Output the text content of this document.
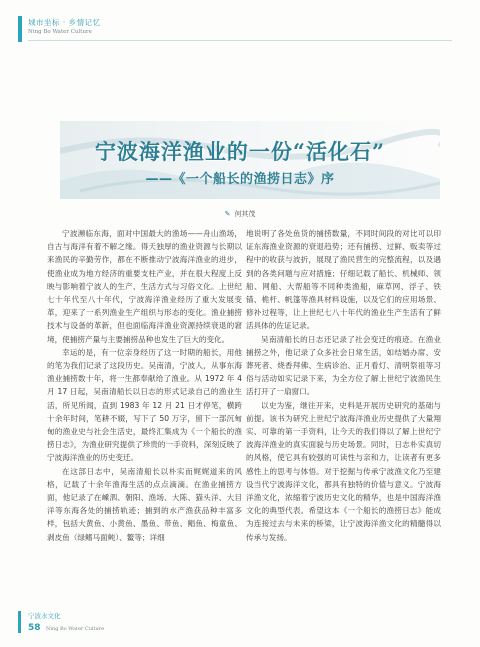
城市坐标 · 乡情记忆
Ning Bo Water Culture
宁波海洋渔业的一份“活化石”
——《一个船长的渔捞日志》序
✎ 何其茂

宁波濒临东海，面对中国最大的渔场——舟山渔场，自古与海洋有着不解之缘。得天独厚的渔业资源与长期以来渔民的辛勤劳作，都在不断推动宁波海洋渔业的进步，使渔业成为地方经济的重要支柱产业，并在很大程度上反映与影响着宁波人的生产、生活方式与习俗文化。上世纪七十年代至八十年代，宁波海洋渔业经历了重大发展变革，迎来了一系列渔业生产组织与形态的变化。渔业捕捞技术与设备的革新，但也面临海洋渔业资源持续衰退的窘境，使捕捞产量与主要捕捞品种也发生了巨大的变化。

幸运的是，有一位亲身经历了这一时期的船长，用他的笔为我们记录了这段历史。吴南清，宁波人，从事东海渔业捕捞数十年，将一生都奉献给了渔业。从 1972 年 4 月 17 日起，吴南清船长以日志的形式记录自己的渔业生活，所见所闻，直到 1983 年 12 月 21 日才停笔，横跨十余年时间，笔耕不辍，写下了 50 万字，留下一部沉甸甸的渔业史与社会生活史，最终汇集成为《一个船长的渔捞日志》，为渔业研究提供了珍贵的一手资料，深刻反映了宁波海洋渔业的历史变迁。

在这部日志中，吴南清船长以朴实而娓娓道来的风格，记载了十余年渔海生活的点点滴滴。在渔业捕捞方面，他记录了在嵊泗、朝阳、渔场、大陈、猫头洋、大目洋等东海各处的捕捞轨迹；捕到的水产渔获品种丰富多样，包括大黄鱼、小黄鱼、墨鱼、带鱼、鲳鱼、梅童鱼、剥皮鱼（绿鳍马面鲀）、鳘等；详细

地说明了各处鱼货的捕捞数量，不同时间段的对比可以印证东海渔业资源的衰退趋势；还有捕捞、过鲜、贩卖等过程中的收获与波折，展现了渔民营生的完整流程，以及遇到的各类问题与应对措施；仔细记载了船长、机械师、领船、网船、大帮船等不同种类渔船，麻草网、浮子、铁锚、桅杆、帆篷等渔具材料设施，以及它们的应用场景、修补过程等，让上世纪七八十年代的渔业生产生活有了鲜活具体的佐证记录。

吴南清船长的日志还记录了社会变迁的痕迹。在渔业捕捞之外，他记录了众多社会日常生活，如结婚办席、安葬死者、烧香拜佛、生病诊治、正月看灯、清明祭祖等习俗与活动如实记录下来，为全方位了解上世纪宁波渔民生活打开了一扇窗口。

以史为鉴，继往开来，史料是开展历史研究的基础与前提。该书为研究上世纪宁波海洋渔业历史提供了大量翔实、可靠的第一手资料，让今天的我们得以了解上世纪宁波海洋渔业的真实面貌与历史场景。同时，日志朴实真切的风格，使它具有较强的可读性与亲和力，让读者有更多感性上的思考与体悟。对于挖掘与传承宁波渔文化乃至建设当代宁波海洋文化，都具有独特的价值与意义。宁波海洋渔文化，浓缩着宁波历史文化的精华，也是中国海洋渔文化的典型代表。希望这本《一个船长的渔捞日志》能成为连接过去与未来的桥梁，让宁波海洋渔文化的精髓得以传承与发扬。

宁波水文化
58 Ning Bo Water Culture
